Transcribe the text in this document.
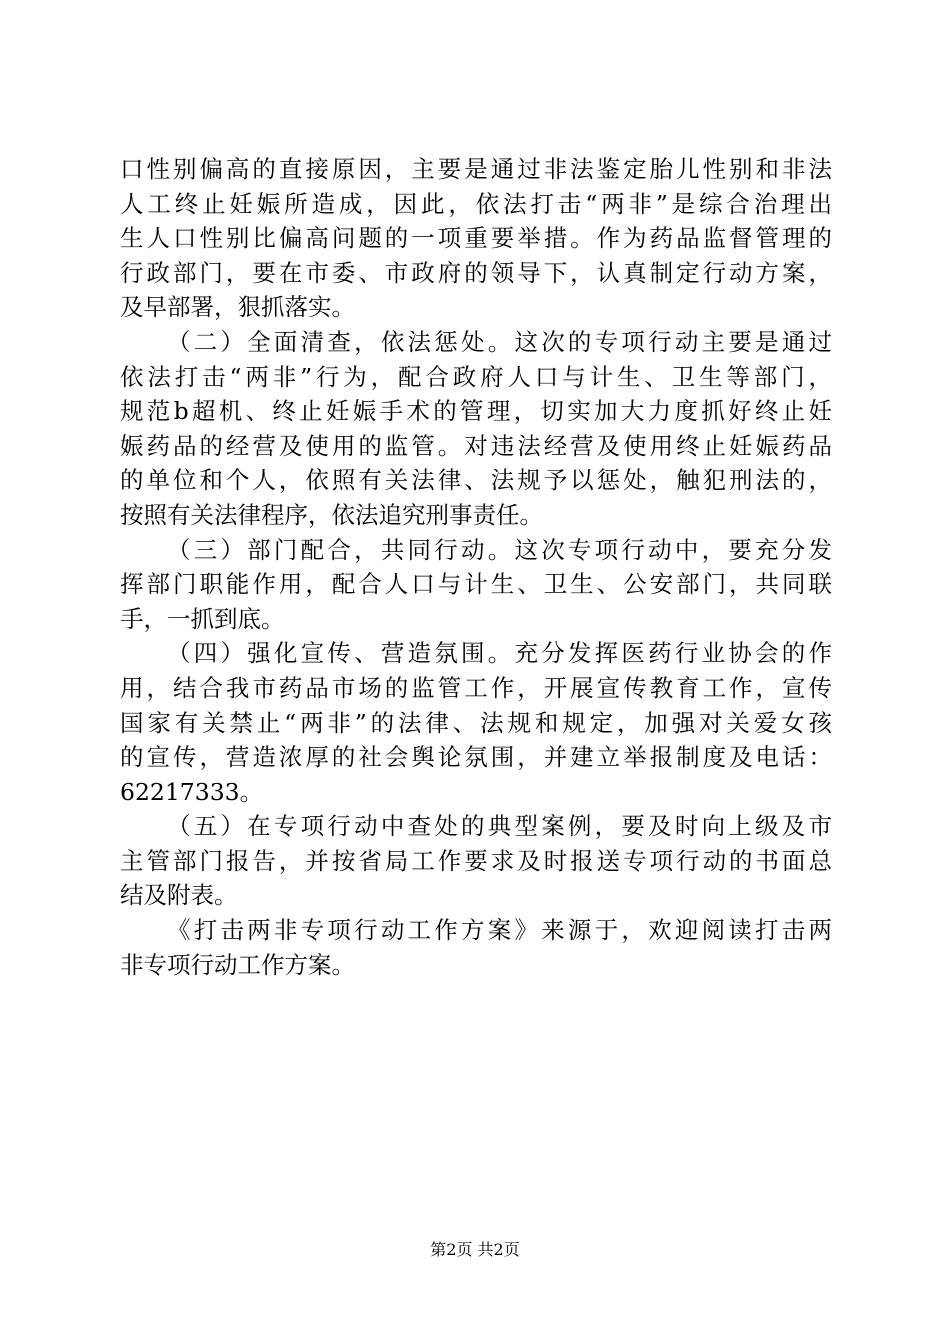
口性别偏高的直接原因，主要是通过非法鉴定胎儿性别和非法
人工终止妊娠所造成，因此，依法打击“两非”是综合治理出
生人口性别比偏高问题的一项重要举措。作为药品监督管理的
行政部门，要在市委、市政府的领导下，认真制定行动方案，
及早部署，狠抓落实。
（二）全面清查，依法惩处。这次的专项行动主要是通过
依法打击“两非”行为，配合政府人口与计生、卫生等部门，
规范b超机、终止妊娠手术的管理，切实加大力度抓好终止妊
娠药品的经营及使用的监管。对违法经营及使用终止妊娠药品
的单位和个人，依照有关法律、法规予以惩处，触犯刑法的，
按照有关法律程序，依法追究刑事责任。
（三）部门配合，共同行动。这次专项行动中，要充分发
挥部门职能作用，配合人口与计生、卫生、公安部门，共同联
手，一抓到底。
（四）强化宣传、营造氛围。充分发挥医药行业协会的作
用，结合我市药品市场的监管工作，开展宣传教育工作，宣传
国家有关禁止“两非”的法律、法规和规定，加强对关爱女孩
的宣传，营造浓厚的社会舆论氛围，并建立举报制度及电话：
62217333。
（五）在专项行动中查处的典型案例，要及时向上级及市
主管部门报告，并按省局工作要求及时报送专项行动的书面总
结及附表。
《打击两非专项行动工作方案》来源于，欢迎阅读打击两
非专项行动工作方案。
第2页 共2页
